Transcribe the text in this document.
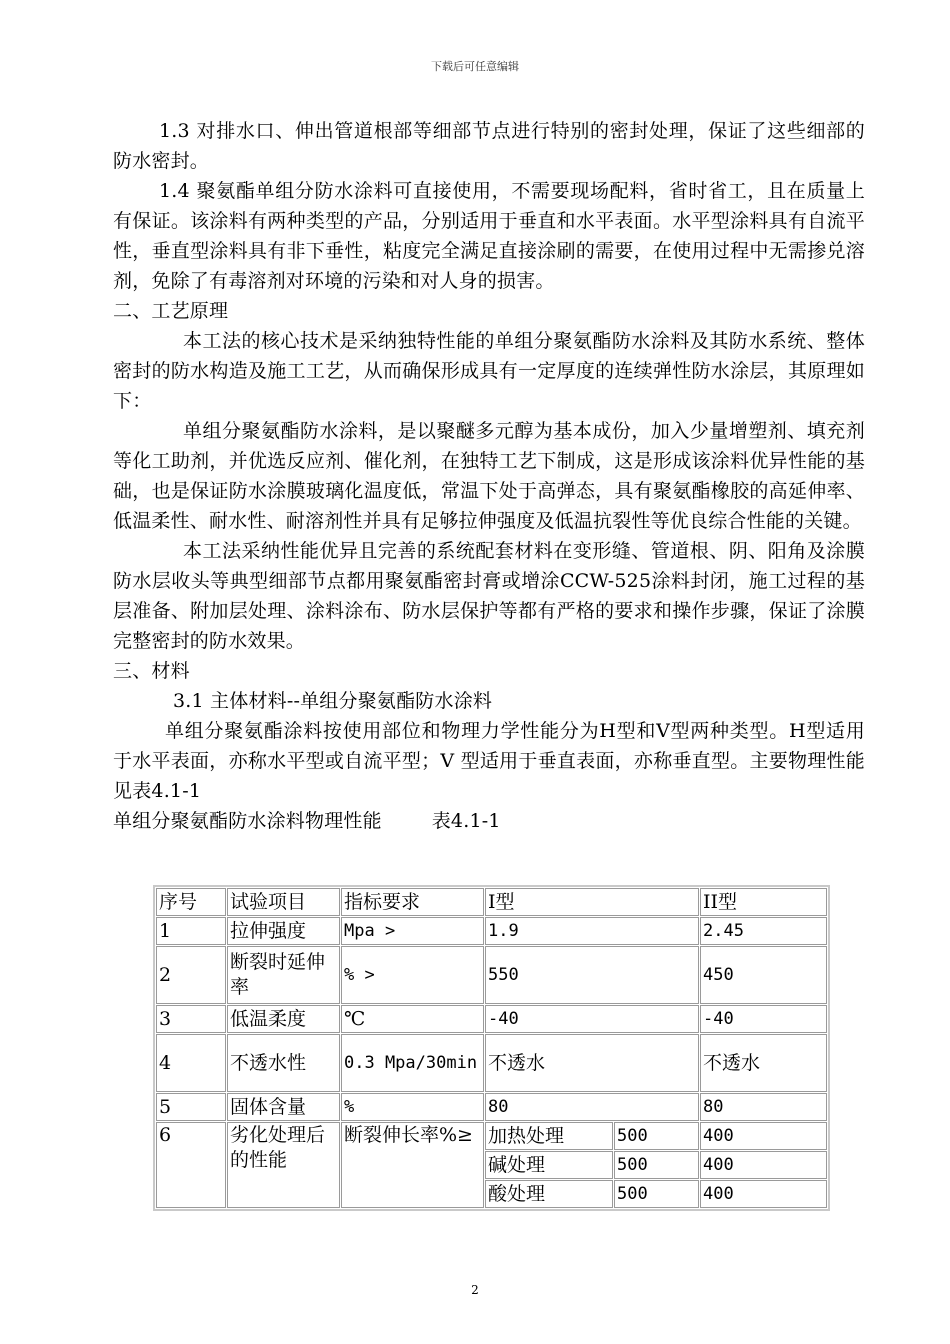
下载后可任意编辑

1.3 对排水口、伸出管道根部等细部节点进行特别的密封处理，保证了这些细部的防水密封。

1.4 聚氨酯单组分防水涂料可直接使用，不需要现场配料，省时省工，且在质量上有保证。该涂料有两种类型的产品，分别适用于垂直和水平表面。水平型涂料具有自流平性，垂直型涂料具有非下垂性，粘度完全满足直接涂刷的需要，在使用过程中无需掺兑溶剂，免除了有毒溶剂对环境的污染和对人身的损害。

二、工艺原理

本工法的核心技术是采纳独特性能的单组分聚氨酯防水涂料及其防水系统、整体密封的防水构造及施工工艺，从而确保形成具有一定厚度的连续弹性防水涂层，其原理如下：

单组分聚氨酯防水涂料，是以聚醚多元醇为基本成份，加入少量增塑剂、填充剂等化工助剂，并优选反应剂、催化剂，在独特工艺下制成，这是形成该涂料优异性能的基础，也是保证防水涂膜玻璃化温度低，常温下处于高弹态，具有聚氨酯橡胶的高延伸率、低温柔性、耐水性、耐溶剂性并具有足够拉伸强度及低温抗裂性等优良综合性能的关键。

本工法采纳性能优异且完善的系统配套材料在变形缝、管道根、阴、阳角及涂膜防水层收头等典型细部节点都用聚氨酯密封膏或增涂CCW-525涂料封闭，施工过程的基层准备、附加层处理、涂料涂布、防水层保护等都有严格的要求和操作步骤，保证了涂膜完整密封的防水效果。

三、材料

3.1 主体材料--单组分聚氨酯防水涂料

单组分聚氨酯涂料按使用部位和物理力学性能分为H型和V型两种类型。H型适用于水平表面，亦称水平型或自流平型；V 型适用于垂直表面，亦称垂直型。主要物理性能见表4.1-1

单组分聚氨酯防水涂料物理性能        表4.1-1

序号	试验项目	指标要求	I型		II型
1	拉伸强度	Mpa >	1.9		2.45
2	断裂时延伸率	% >	550		450
3	低温柔度	℃	-40		-40
4	不透水性	0.3 Mpa/30min	不透水		不透水
5	固体含量	%	80		80
6	劣化处理后的性能	断裂伸长率%≥	加热处理	500	400
			碱处理	500	400
			酸处理	500	400
2
